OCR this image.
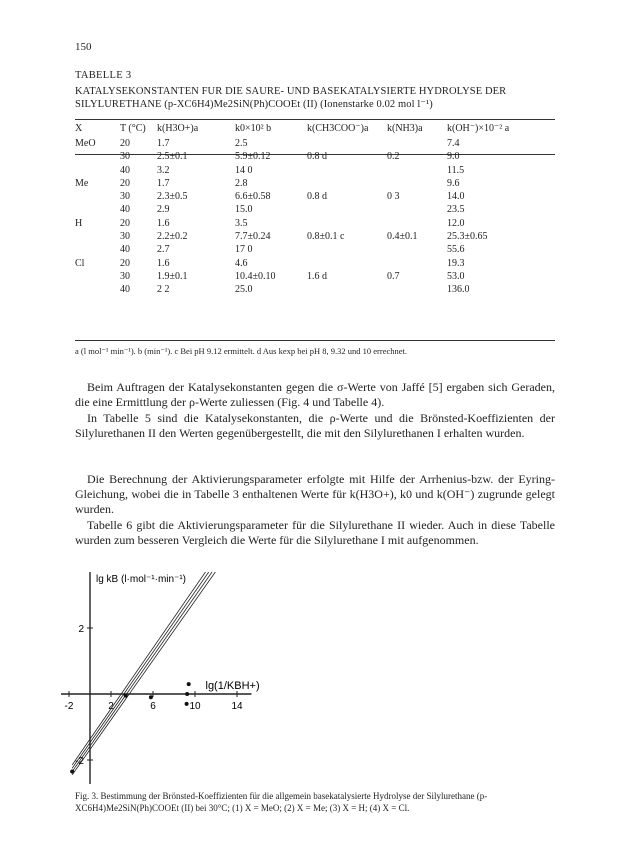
150
TABELLE 3
KATALYSEKONSTANTEN FUR DIE SAURE- UND BASEKATALYSIERTE HYDROLYSE DER SILYLURETHANE (p-XC6H4)Me2SiN(Ph)COOEt (II) (Ionenstarke 0.02 mol l⁻¹)
X	T (°C)	k(H3O+)a	k0×10² b	k(CH3COO⁻)a	k(NH3)a	k(OH⁻)×10⁻² a
MeO	20	1.7	2.5			7.4
	30	2.5±0.1	5.9±0.12	0.8 d	0.2	9.0
	40	3.2	14 0			11.5
Me	20	1.7	2.8			9.6
	30	2.3±0.5	6.6±0.58	0.8 d	0 3	14.0
	40	2.9	15.0			23.5
H	20	1.6	3.5			12.0
	30	2.2±0.2	7.7±0.24	0.8±0.1 c	0.4±0.1	25.3±0.65
	40	2.7	17 0			55.6
Cl	20	1.6	4.6			19.3
	30	1.9±0.1	10.4±0.10	1.6 d	0.7	53.0
	40	2 2	25.0			136.0
a (l mol⁻¹ min⁻¹). b (min⁻¹). c Bei pH 9.12 ermittelt. d Aus kexp bei pH 8, 9.32 und 10 errechnet.
Beim Auftragen der Katalysekonstanten gegen die σ-Werte von Jaffé [5] ergaben sich Geraden, die eine Ermittlung der ρ-Werte zuliessen (Fig. 4 und Tabelle 4).
In Tabelle 5 sind die Katalysekonstanten, die ρ-Werte und die Brönsted-Koeffizienten der Silylurethanen II den Werten gegenübergestellt, die mit den Silylurethanen I erhalten wurden.
Die Berechnung der Aktivierungsparameter erfolgte mit Hilfe der Arrhenius-bzw. der Eyring-Gleichung, wobei die in Tabelle 3 enthaltenen Werte für k(H3O+), k0 und k(OH⁻) zugrunde gelegt wurden.
Tabelle 6 gibt die Aktivierungsparameter für die Silylurethane II wieder. Auch in diese Tabelle wurden zum besseren Vergleich die Werte für die Silylurethane I mit aufgenommen.
-2	2	6	10	14
2
-2
lg kB (l·mol⁻¹·min⁻¹)
lg(1/KBH+)
Fig. 3. Bestimmung der Brönsted-Koeffizienten für die allgemein basekatalysierte Hydrolyse der Silylurethane (p-XC6H4)Me2SiN(Ph)COOEt (II) bei 30°C; (1) X = MeO; (2) X = Me; (3) X = H; (4) X = Cl.
